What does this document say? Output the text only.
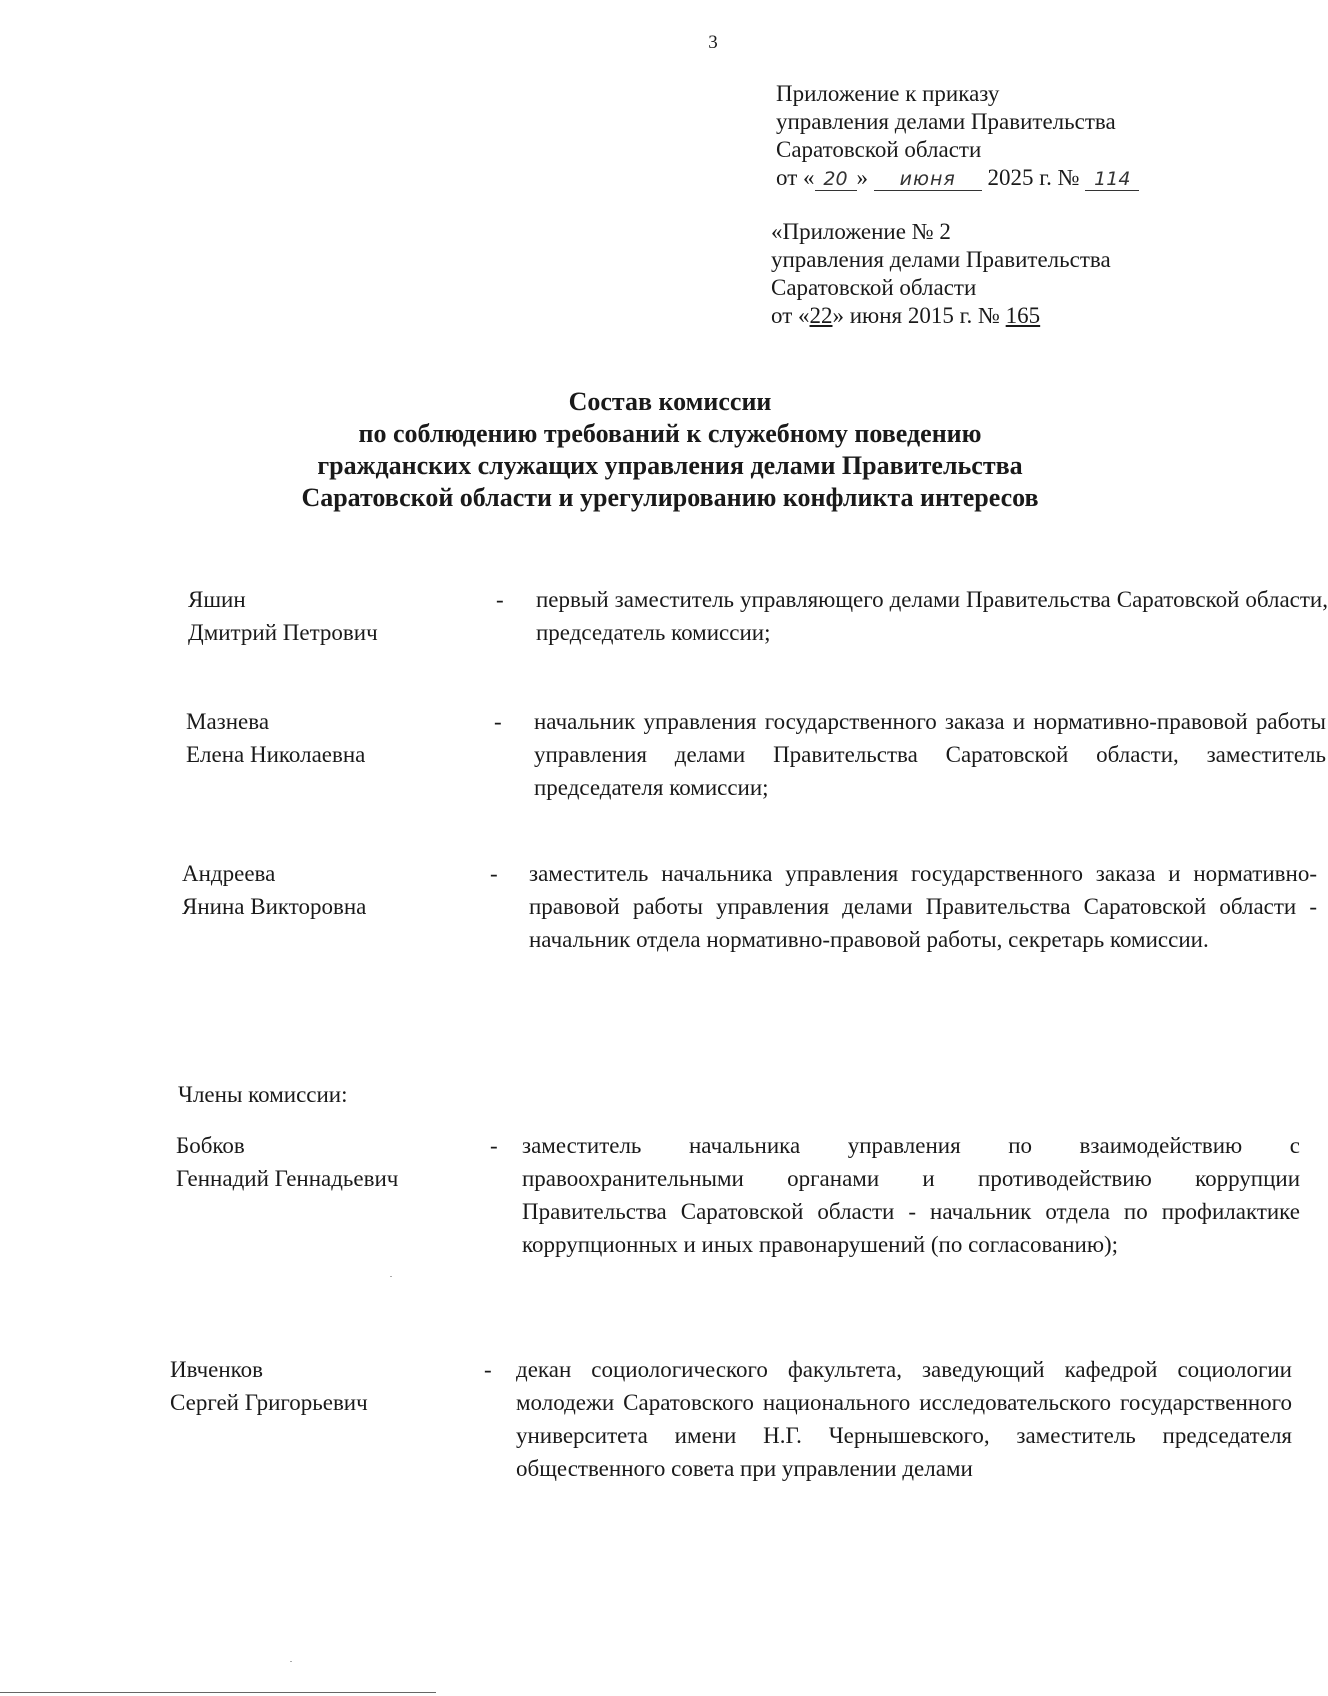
3
Приложение к приказу
управления делами Правительства
Саратовской области
от « 20 » июня 2025 г. № 114
«Приложение № 2
управления делами Правительства
Саратовской области
от «22» июня 2015 г. № 165
Состав комиссии
по соблюдению требований к служебному поведению
гражданских служащих управления делами Правительства
Саратовской области и урегулированию конфликта интересов
Яшин
Дмитрий Петрович
- первый заместитель управляющего делами Правительства Саратовской области, председатель комиссии;
Мазнева
Елена Николаевна
- начальник управления государственного заказа и нормативно-правовой работы управления делами Правительства Саратовской области, заместитель председателя комиссии;
Андреева
Янина Викторовна
- заместитель начальника управления государственного заказа и нормативно-правовой работы управления делами Правительства Саратовской области - начальник отдела нормативно-правовой работы, секретарь комиссии.
Члены комиссии:
Бобков
Геннадий Геннадьевич
- заместитель начальника управления по взаимодействию с правоохранительными органами и противодействию коррупции Правительства Саратовской области - начальник отдела по профилактике коррупционных и иных правонарушений (по согласованию);
Ивченков
Сергей Григорьевич
- декан социологического факультета, заведующий кафедрой социологии молодежи Саратовского национального исследовательского государственного университета имени Н.Г. Чернышевского, заместитель председателя общественного совета при управлении делами
